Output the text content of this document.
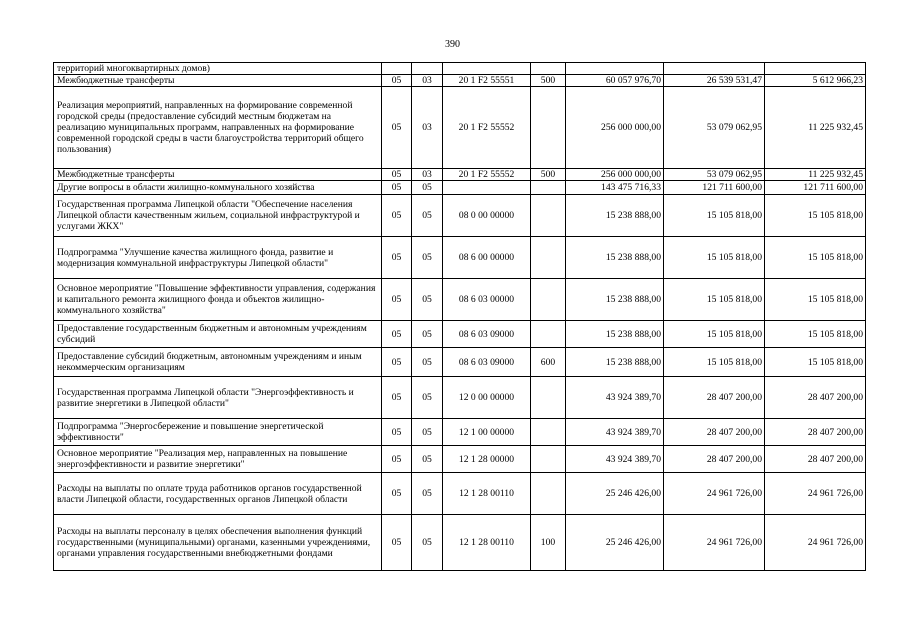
390
территорий многоквартирных домов)							
Межбюджетные трансферты	05	03	20 1 F2 55551	500	60 057 976,70	26 539 531,47	5 612 966,23
Реализация мероприятий, направленных на формирование современной городской среды (предоставление субсидий местным бюджетам на реализацию муниципальных программ, направленных на формирование современной городской среды в части благоустройства территорий общего пользования)	05	03	20 1 F2 55552		256 000 000,00	53 079 062,95	11 225 932,45
Межбюджетные трансферты	05	03	20 1 F2 55552	500	256 000 000,00	53 079 062,95	11 225 932,45
Другие вопросы в области жилищно-коммунального хозяйства	05	05			143 475 716,33	121 711 600,00	121 711 600,00
Государственная программа Липецкой области "Обеспечение населения Липецкой области качественным жильем, социальной инфраструктурой и услугами ЖКХ"	05	05	08 0 00 00000		15 238 888,00	15 105 818,00	15 105 818,00
Подпрограмма "Улучшение качества жилищного фонда, развитие и модернизация коммунальной инфраструктуры Липецкой области"	05	05	08 6 00 00000		15 238 888,00	15 105 818,00	15 105 818,00
Основное мероприятие "Повышение эффективности управления, содержания и капитального ремонта жилищного фонда и объектов жилищно-коммунального хозяйства"	05	05	08 6 03 00000		15 238 888,00	15 105 818,00	15 105 818,00
Предоставление государственным бюджетным и автономным учреждениям субсидий	05	05	08 6 03 09000		15 238 888,00	15 105 818,00	15 105 818,00
Предоставление субсидий бюджетным, автономным учреждениям и иным некоммерческим организациям	05	05	08 6 03 09000	600	15 238 888,00	15 105 818,00	15 105 818,00
Государственная программа Липецкой области "Энергоэффективность и развитие энергетики в Липецкой области"	05	05	12 0 00 00000		43 924 389,70	28 407 200,00	28 407 200,00
Подпрограмма "Энергосбережение и повышение энергетической эффективности"	05	05	12 1 00 00000		43 924 389,70	28 407 200,00	28 407 200,00
Основное мероприятие "Реализация мер, направленных на повышение энергоэффективности и развитие энергетики"	05	05	12 1 28 00000		43 924 389,70	28 407 200,00	28 407 200,00
Расходы на выплаты по оплате труда работников органов государственной власти Липецкой области, государственных органов Липецкой области	05	05	12 1 28 00110		25 246 426,00	24 961 726,00	24 961 726,00
Расходы на выплаты персоналу в целях обеспечения выполнения функций государственными (муниципальными) органами, казенными учреждениями, органами управления государственными внебюджетными фондами	05	05	12 1 28 00110	100	25 246 426,00	24 961 726,00	24 961 726,00
